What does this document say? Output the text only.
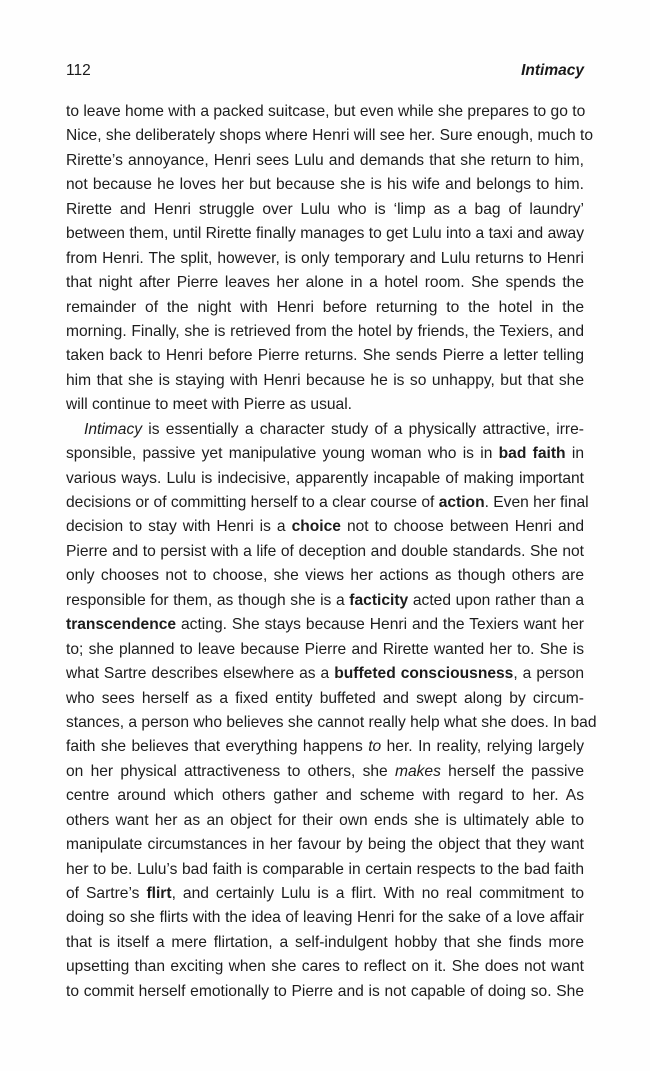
112	Intimacy
to leave home with a packed suitcase, but even while she prepares to go to
Nice, she deliberately shops where Henri will see her. Sure enough, much to
Rirette’s annoyance, Henri sees Lulu and demands that she return to him,
not because he loves her but because she is his wife and belongs to him.
Rirette and Henri struggle over Lulu who is ‘limp as a bag of laundry’
between them, until Rirette finally manages to get Lulu into a taxi and away
from Henri. The split, however, is only temporary and Lulu returns to Henri
that night after Pierre leaves her alone in a hotel room. She spends the
remainder of the night with Henri before returning to the hotel in the
morning. Finally, she is retrieved from the hotel by friends, the Texiers, and
taken back to Henri before Pierre returns. She sends Pierre a letter telling
him that she is staying with Henri because he is so unhappy, but that she
will continue to meet with Pierre as usual.
Intimacy is essentially a character study of a physically attractive, irre-
sponsible, passive yet manipulative young woman who is in bad faith in
various ways. Lulu is indecisive, apparently incapable of making important
decisions or of committing herself to a clear course of action. Even her final
decision to stay with Henri is a choice not to choose between Henri and
Pierre and to persist with a life of deception and double standards. She not
only chooses not to choose, she views her actions as though others are
responsible for them, as though she is a facticity acted upon rather than a
transcendence acting. She stays because Henri and the Texiers want her
to; she planned to leave because Pierre and Rirette wanted her to. She is
what Sartre describes elsewhere as a buffeted consciousness, a person
who sees herself as a fixed entity buffeted and swept along by circum-
stances, a person who believes she cannot really help what she does. In bad
faith she believes that everything happens to her. In reality, relying largely
on her physical attractiveness to others, she makes herself the passive
centre around which others gather and scheme with regard to her. As
others want her as an object for their own ends she is ultimately able to
manipulate circumstances in her favour by being the object that they want
her to be. Lulu’s bad faith is comparable in certain respects to the bad faith
of Sartre’s flirt, and certainly Lulu is a flirt. With no real commitment to
doing so she flirts with the idea of leaving Henri for the sake of a love affair
that is itself a mere flirtation, a self-indulgent hobby that she finds more
upsetting than exciting when she cares to reflect on it. She does not want
to commit herself emotionally to Pierre and is not capable of doing so. She
